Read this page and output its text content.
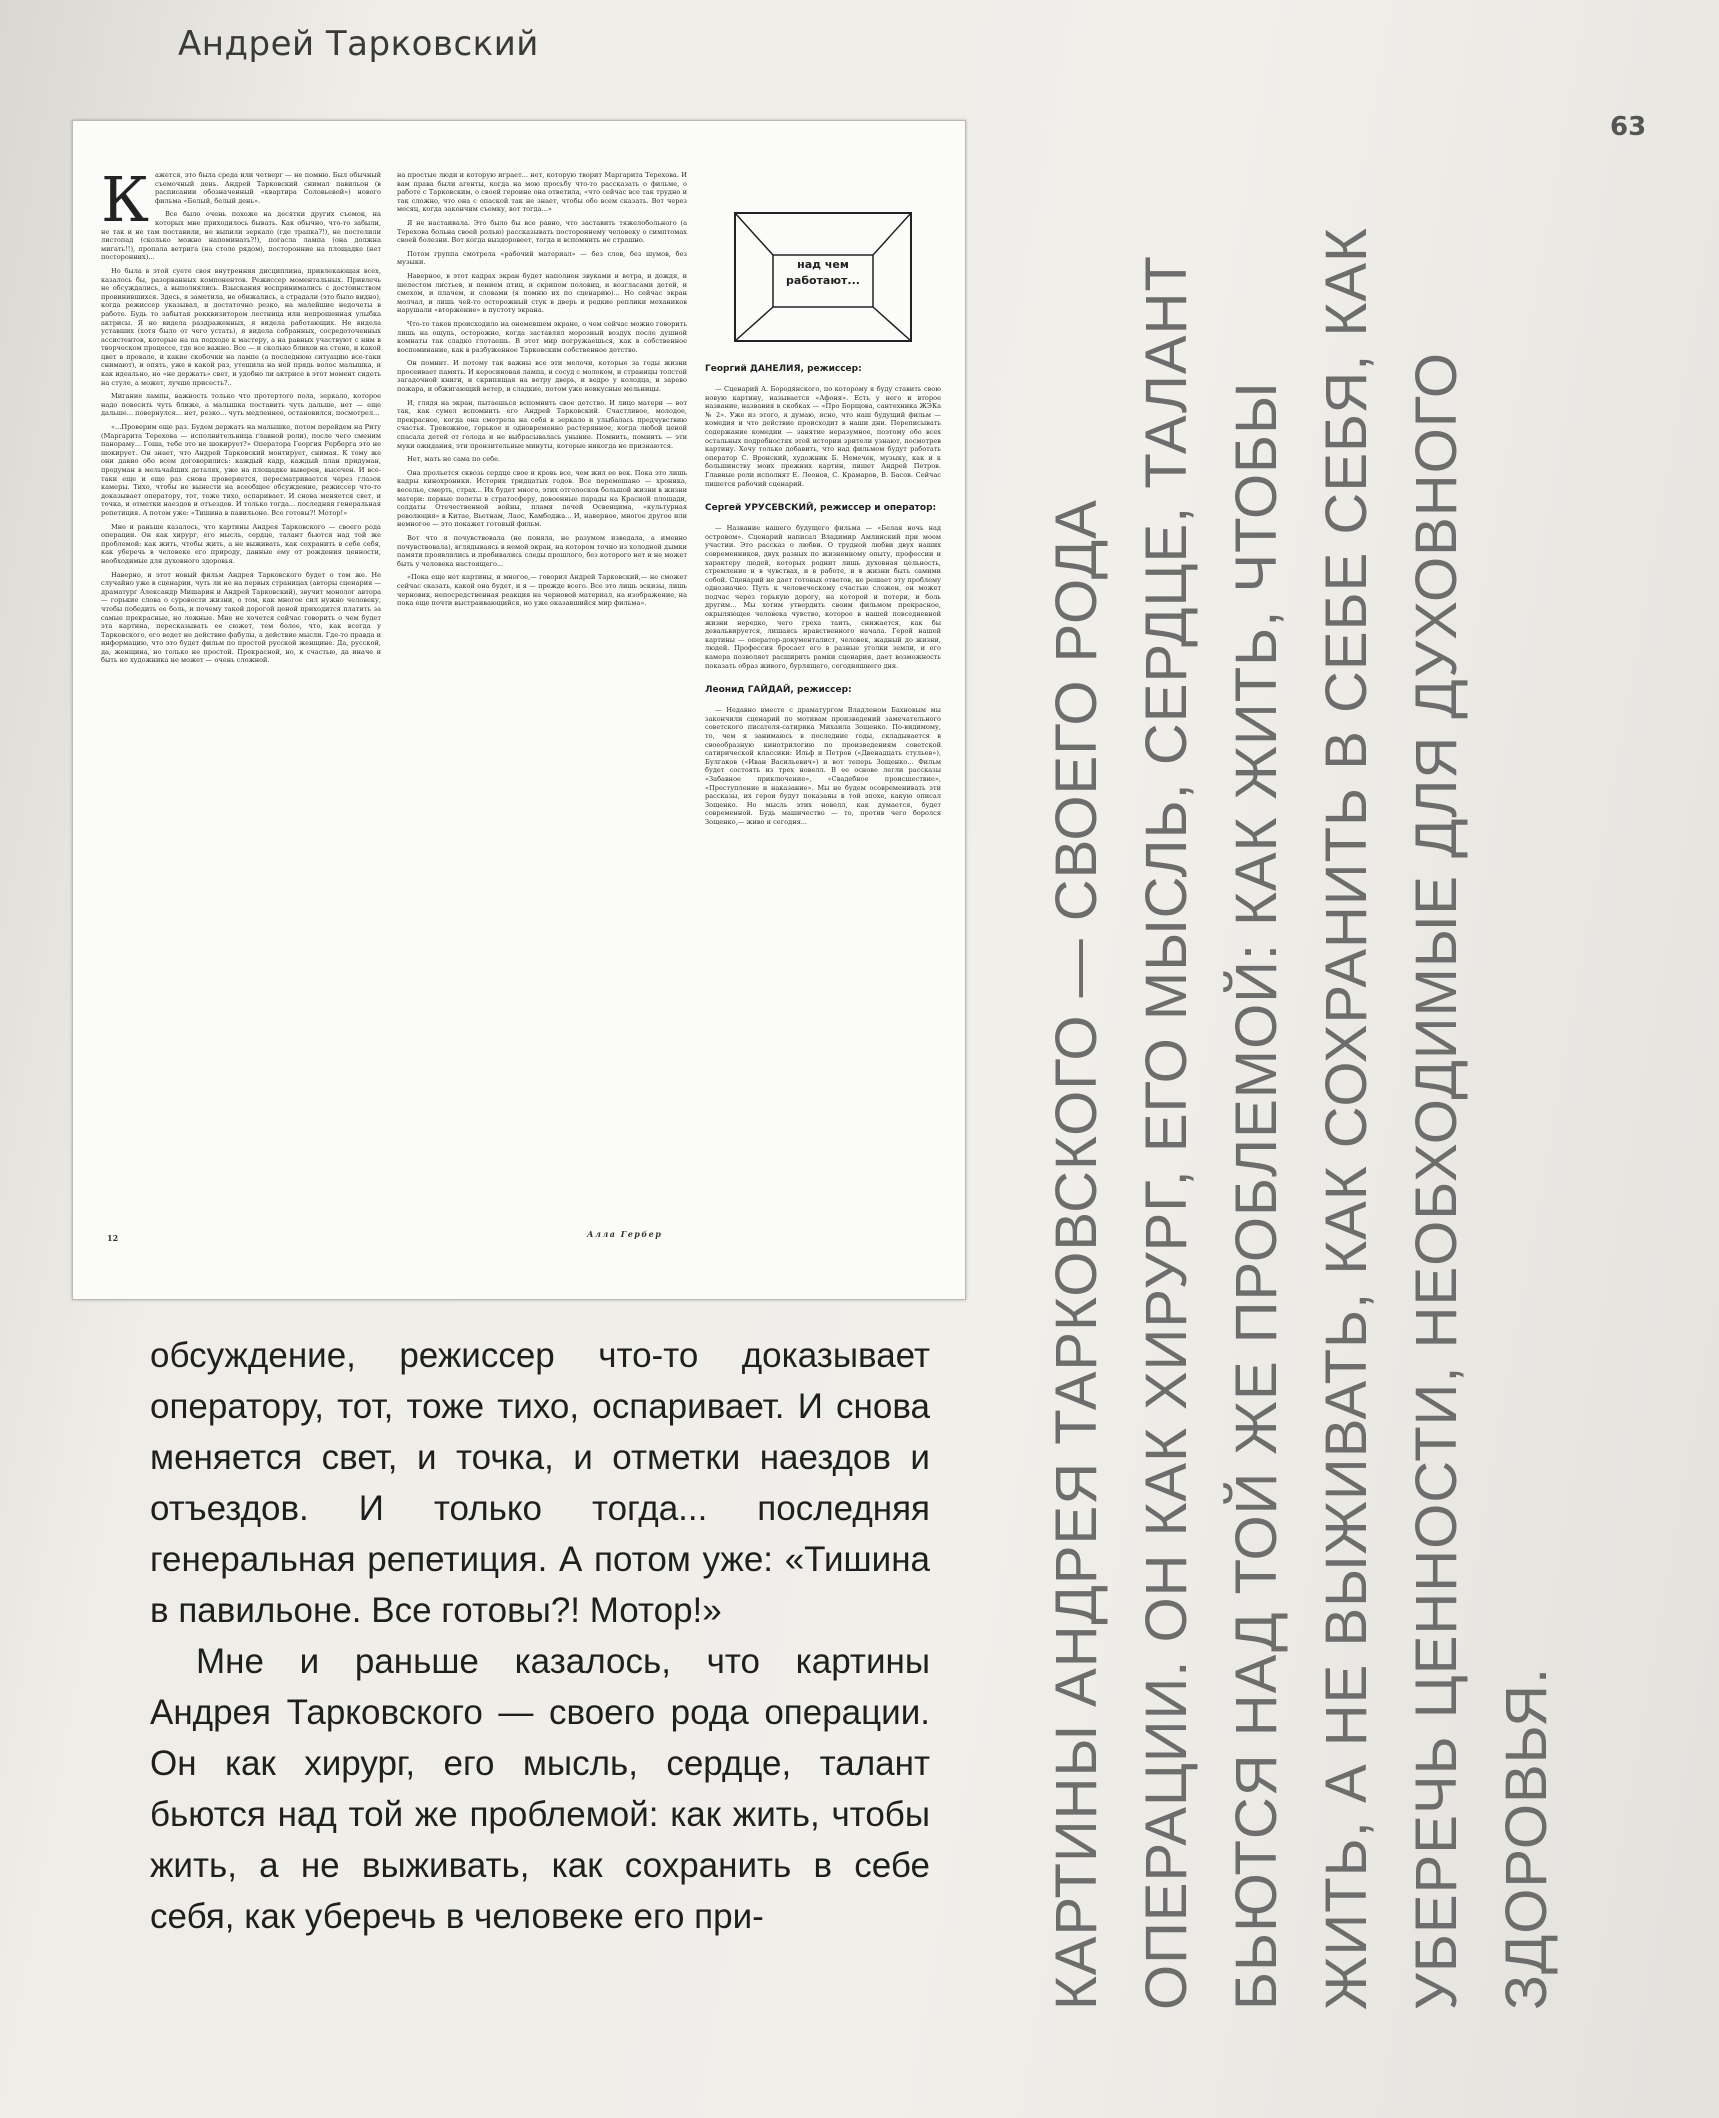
Андрей Тарковский
63
К ажется, это была среда или четверг — не помню. Был обычный съемочный день. Андрей Тарковский снимал павильон (в расписании обозначенный «квартира Соловьевой») нового фильма «Белый, белый день».

Все было очень похоже на десятки других съемок, на которых мне приходилось бывать. Как обычно, что-то забыли, не так и не там поставили, не выпили зеркало (где трапка?!), не постелили листопад (сколько можно напоминать?!), погасла лампа (она должна мигать!!), пропала ветрига (на столе рядом), посторонние на площадке (нет посторонних)...

Но была в этой суете своя внутренняя дисциплина, привлекающая всех, казалось бы, разорванных компонентов. Режиссер моментальных. Привлечь не обсуждались, а выполнялись. Взыскания воспринимались с достоинством провинившихся. Здесь, я заметила, не обижались, а страдали (это было видно), когда режиссер указывал, и достаточно резко, на малейшие недочеты в работе. Будь то забытая рекквизитором лестница или непрошенная улыбка актрисы. Я не видела раздраженных, я видела работающих. Не видела уставших (хотя было от чего устать), я видела собранных, сосредоточенных ассистентов, которые на па подходе к мастеру, а на равных участвуют с ним в творческом процессе, где все важно. Все — и сколько бликов на стене, и какой цвет в провале, и какие скобочки на лампе (а последнюю ситуацию все-таки снимают), и опять, уже в какой раз, утешила на ней прядь волос малышка, и как идеально, но «не держать» свет, и удобно ли актрисе в этот момент сидеть на стуле, а может, лучше присесть?..

Мигание лампы, важность только что протертого пола, зеркало, которое надо повесить чуть ближе, а малышка поставить чуть дальше, нет — еще дальше... повернулся... нет, резко... чуть медленнее, остановился, посмотрел...

«...Проверим еще раз. Будем держать на малышке, потом перейдем на Риту (Маргарита Терехова — исполнительница главной роли), после чего сменим панораму... Гоша, тебе это не шокирует?» Оператора Георгия Рерберга это не шокирует. Он знает, что Андрей Тарковский монтирует, снимая. К тому же они давно обо всем договорились: каждый кадр, каждый план придуман, продуман в мельчайших деталях, уже на площадке выверен, высечен. И все-таки еще и еще раз снова проверяется, пересматривается через глазок камеры. Тихо, чтобы не вынести на всеобщее обсуждение, режиссер что-то доказывает оператору, тот, тоже тихо, оспаривает. И снова меняется свет, и точка, и отметки наездов и отъездов. И только тогда... последняя генеральная репетиция. А потом уже: «Тишина в павильоне. Все готовы?! Мотор!»

Мне и раньше казалось, что картины Андрея Тарковского — своего рода операции. Он как хирург, его мысль, сердце, талант бьются над той же проблемой: как жить, чтобы жить, а не выживать, как сохранить в себе себя, как уберечь в человеке его природу, данные ему от рождения ценности, необходимые для духовного здоровья.

Наверно, и этот новый фильм Андрея Тарковского будет о том же. Не случайно уже в сценарии, чуть ли не на первых страницах (авторы сценария — драматург Александр Мишарин и Андрей Тарковский), звучит монолог автора — горькие слова о суровости жизни, о том, как многое сил нужно человеку, чтобы победить ее боль, и почему такой дорогой ценой приходится платить за самые прекрасные, но ложные. Мне не хочется сейчас говорить о чем будет эта картина, пересказывать ее сюжет, тем более, что, как всегда у Тарковского, его ведет не действие фабулы, а действие мысли. Где-то правда и информацию, что это будет фильм по простой русской женщине. Да, русской, да, женщина, но только не простой. Прекрасной, но, к счастью, да иначе и быть не художника не может — очень сложной.

на простые люди и которую играет... нет, которую творит Маргарита Терехова. И вам права были агенты, когда на мою просьбу что-то рассказать о фильме, о работе с Тарковским, о своей героине она ответила, «что сейчас все так трудно и так сложно, что она с опаской так не знает, чтобы обо всем сказать. Вот через месяц, когда закончим съемку, вот тогда...»

Я не настаивала. Это было бы все равно, что заставить тяжелобольного (а Терехова больна своей ролью) рассказывать постороннему человеку о симптомах своей болезни. Вот когда выздоровеет, тогда и вспомнить не страшно.

Потом группа смотрела «рабочий материал» — без слов, без шумов, без музыки.

Наверное, в этот кадрах экран будет наполнен звуками и ветра, и дождя, и шелестом листьев, и пением птиц, и скрипом половиц, и возгласами детей, и смехом, и плачем, и словами (я помню их по сценарию)... Но сейчас экран молчал, и лишь чей-то осторожный стук в дверь и редкие реплики механиков нарушали «вторжение» в пустоту экрана.

Что-то таков происходило на онемевшем экране, о чем сейчас можно говорить лишь на ощупь, осторожно, когда заставлял морозный воздух после душной комнаты так сладко глотаешь. В этот мир погружаешься, как в собственное воспоминание, как в разбуженное Тарковским собственное детство.

Он помнит. И потому так важны все эти мелочи, которые за годы жизни просеивает память. И керосиновая лампа, и сосуд с молоком, и страницы толстой загадочной книги, и скрипящая на ветру дверь, и ведро у колодца, и зарево пожара, и обжигающий ветер, и сладкие, потом уже невкусные мельницы.

И, глядя на экран, пытаешься вспомнить свое детство. И лицо матери — вот так, как сумел вспомнить его Андрей Тарковский. Счастливое, молодое, прекрасное, когда она смотрела на себя в зеркало и улыбалась предчувствию счастья. Тревожное, горькое и одновременно растерянное, когда любой ценой спасала детей от голода и не выбрасывалась уныние. Помнить, помнить — эти муки ожидания, эти пронзительные минуты, которые никогда не признаются.

Нет, мать не сама по себе.

Она прольется сквозь сердце свое и кровь все, чем жил ее век. Пока это лишь кадры кинохроники. Историк тридцатых годов. Все перемешано — хроника, веселье, смерть, страх... Их будет много, этих отголосков большой жизни в жизни матери: первые полеты в стратосферу, довоенные парады на Красной площади, солдаты Отечественной войны, пламя печей Освенцима, «культурная революция» в Китае, Вьетнам, Лаос, Камбоджа... И, наверное, многое другое или немногое — это покажет готовый фильм.

Вот что я почувствовала (не поняла, не разумом изведала, а именно почувствовала), вглядываясь в немой экран, на котором точно из холодной дымки памяти проявлялись и пробивались следы прошлого, без которого нет и не может быть у человека настоящего...

«Пока еще нет картины, и многое,— говорил Андрей Тарковский,— не сможет сейчас сказать, какой она будет, и я — прежде всего. Все это лишь эскизы, лишь черновик, непосредственная реакция на черновой материал, на изображение, на пока еще почти выстраивающийся, но уже оказавшийся мир фильма».

над чем работают...
Георгий ДАНЕЛИЯ, режиссер:

— Сценарий А. Бородянского, по которому я буду ставить свою новую картину, называется «Афоня». Есть у него и второе название, названия в скобках — «Про Борщова, сантехника ЖЭКа № 2». Уже из этого, я думаю, ясно, что наш будущий фильм — комедия и что действие происходит в наши дни. Переписывать содержание комедии — занятие неразумное, поэтому обо всех остальных подробностях этой истории зрители узнают, посмотрев картину. Хочу только добавить, что над фильмом будут работать оператор С. Вронский, художник Б. Немечек, музыку, как и к большинству моих прежних картин, пишет Андрей Петров. Главные роли исполнят Е. Леонов, С. Крамаров, В. Басов. Сейчас пишется рабочий сценарий.

Сергей УРУСЕВСКИЙ, режиссер и оператор:

— Название нашего будущего фильма — «Белая ночь над островом». Сценарий написал Владимир Амлинский при моем участии. Это рассказ о любви. О трудной любви двух наших современников, двух разных по жизненному опыту, профессии и характеру людей, которых роднит лишь духовная цельность, стремление и в чувствах, и в работе, и в жизни быть самими собой. Сценарий не дает готовых ответов, не решает эту проблему однозначно. Путь к человеческому счастью сложен, он может подчас через горькую дорогу, на которой и потери, и боль другим... Мы хотим утвердить своим фильмом прекрасное, окрыляющее человека чувство, которое в нашей повседневной жизни нередко, чего греха таить, снижается, как бы девальвируется, лишаясь нравственного начала. Герой нашей картины — оператор-документалист, человек, жадный до жизни, людей. Профессия бросает его в разные уголки земли, и его камера позволяет расширить рамки сценария, дает возможность показать образ живого, бурлящего, сегодняшнего дня.

Леонид ГАЙДАЙ, режиссер:

— Недавно вместе с драматургом Владленом Бахновым мы закончили сценарий по мотивам произведений замечательного советского писателя-сатирика Михаила Зощенко. По-видимому, то, чем я занимаюсь в последние годы, складывается в своеобразную кинотрилогию по произведениям советской сатирической классики: Ильф и Петров («Двенадцать стульев»), Булгаков («Иван Васильевич») и вот теперь Зощенко... Фильм будет состоять из трех новелл. В ее основе легли рассказы «Забавное приключение», «Свадебное происшествие», «Преступление и наказание». Мы не будем осовременивать эти рассказы, их герои будут показаны в той эпохе, какую описал Зощенко. Но мысль этих новелл, как думается, будет современной. Будь машичество — то, против чего боролся Зощенко,— живо и сегодня...

12	Алла Гербер

обсуждение, режиссер что-то доказывает оператору, тот, тоже тихо, оспаривает. И снова меняется свет, и точка, и отметки наездов и отъездов. И только тогда... последняя генеральная репетиция. А потом уже: «Тишина в павильоне. Все готовы?! Мотор!»

Мне и раньше казалось, что картины Андрея Тарковского — своего рода операции. Он как хирург, его мысль, сердце, талант бьются над той же проблемой: как жить, чтобы жить, а не выживать, как сохранить в себе себя, как уберечь в человеке его при-	КАРТИНЫ АНДРЕЯ ТАРКОВСКОГО — СВОЕГО РОДА ОПЕРАЦИИ. ОН КАК ХИРУРГ, ЕГО МЫСЛЬ, СЕРДЦЕ, ТАЛАНТ БЬЮТСЯ НАД ТОЙ ЖЕ ПРОБЛЕМОЙ: КАК ЖИТЬ, ЧТОБЫ ЖИТЬ, А НЕ ВЫЖИВАТЬ, КАК СОХРАНИТЬ В СЕБЕ СЕБЯ, КАК УБЕРЕЧЬ ЦЕННОСТИ, НЕОБХОДИМЫЕ ДЛЯ ДУХОВНОГО ЗДОРОВЬЯ.
